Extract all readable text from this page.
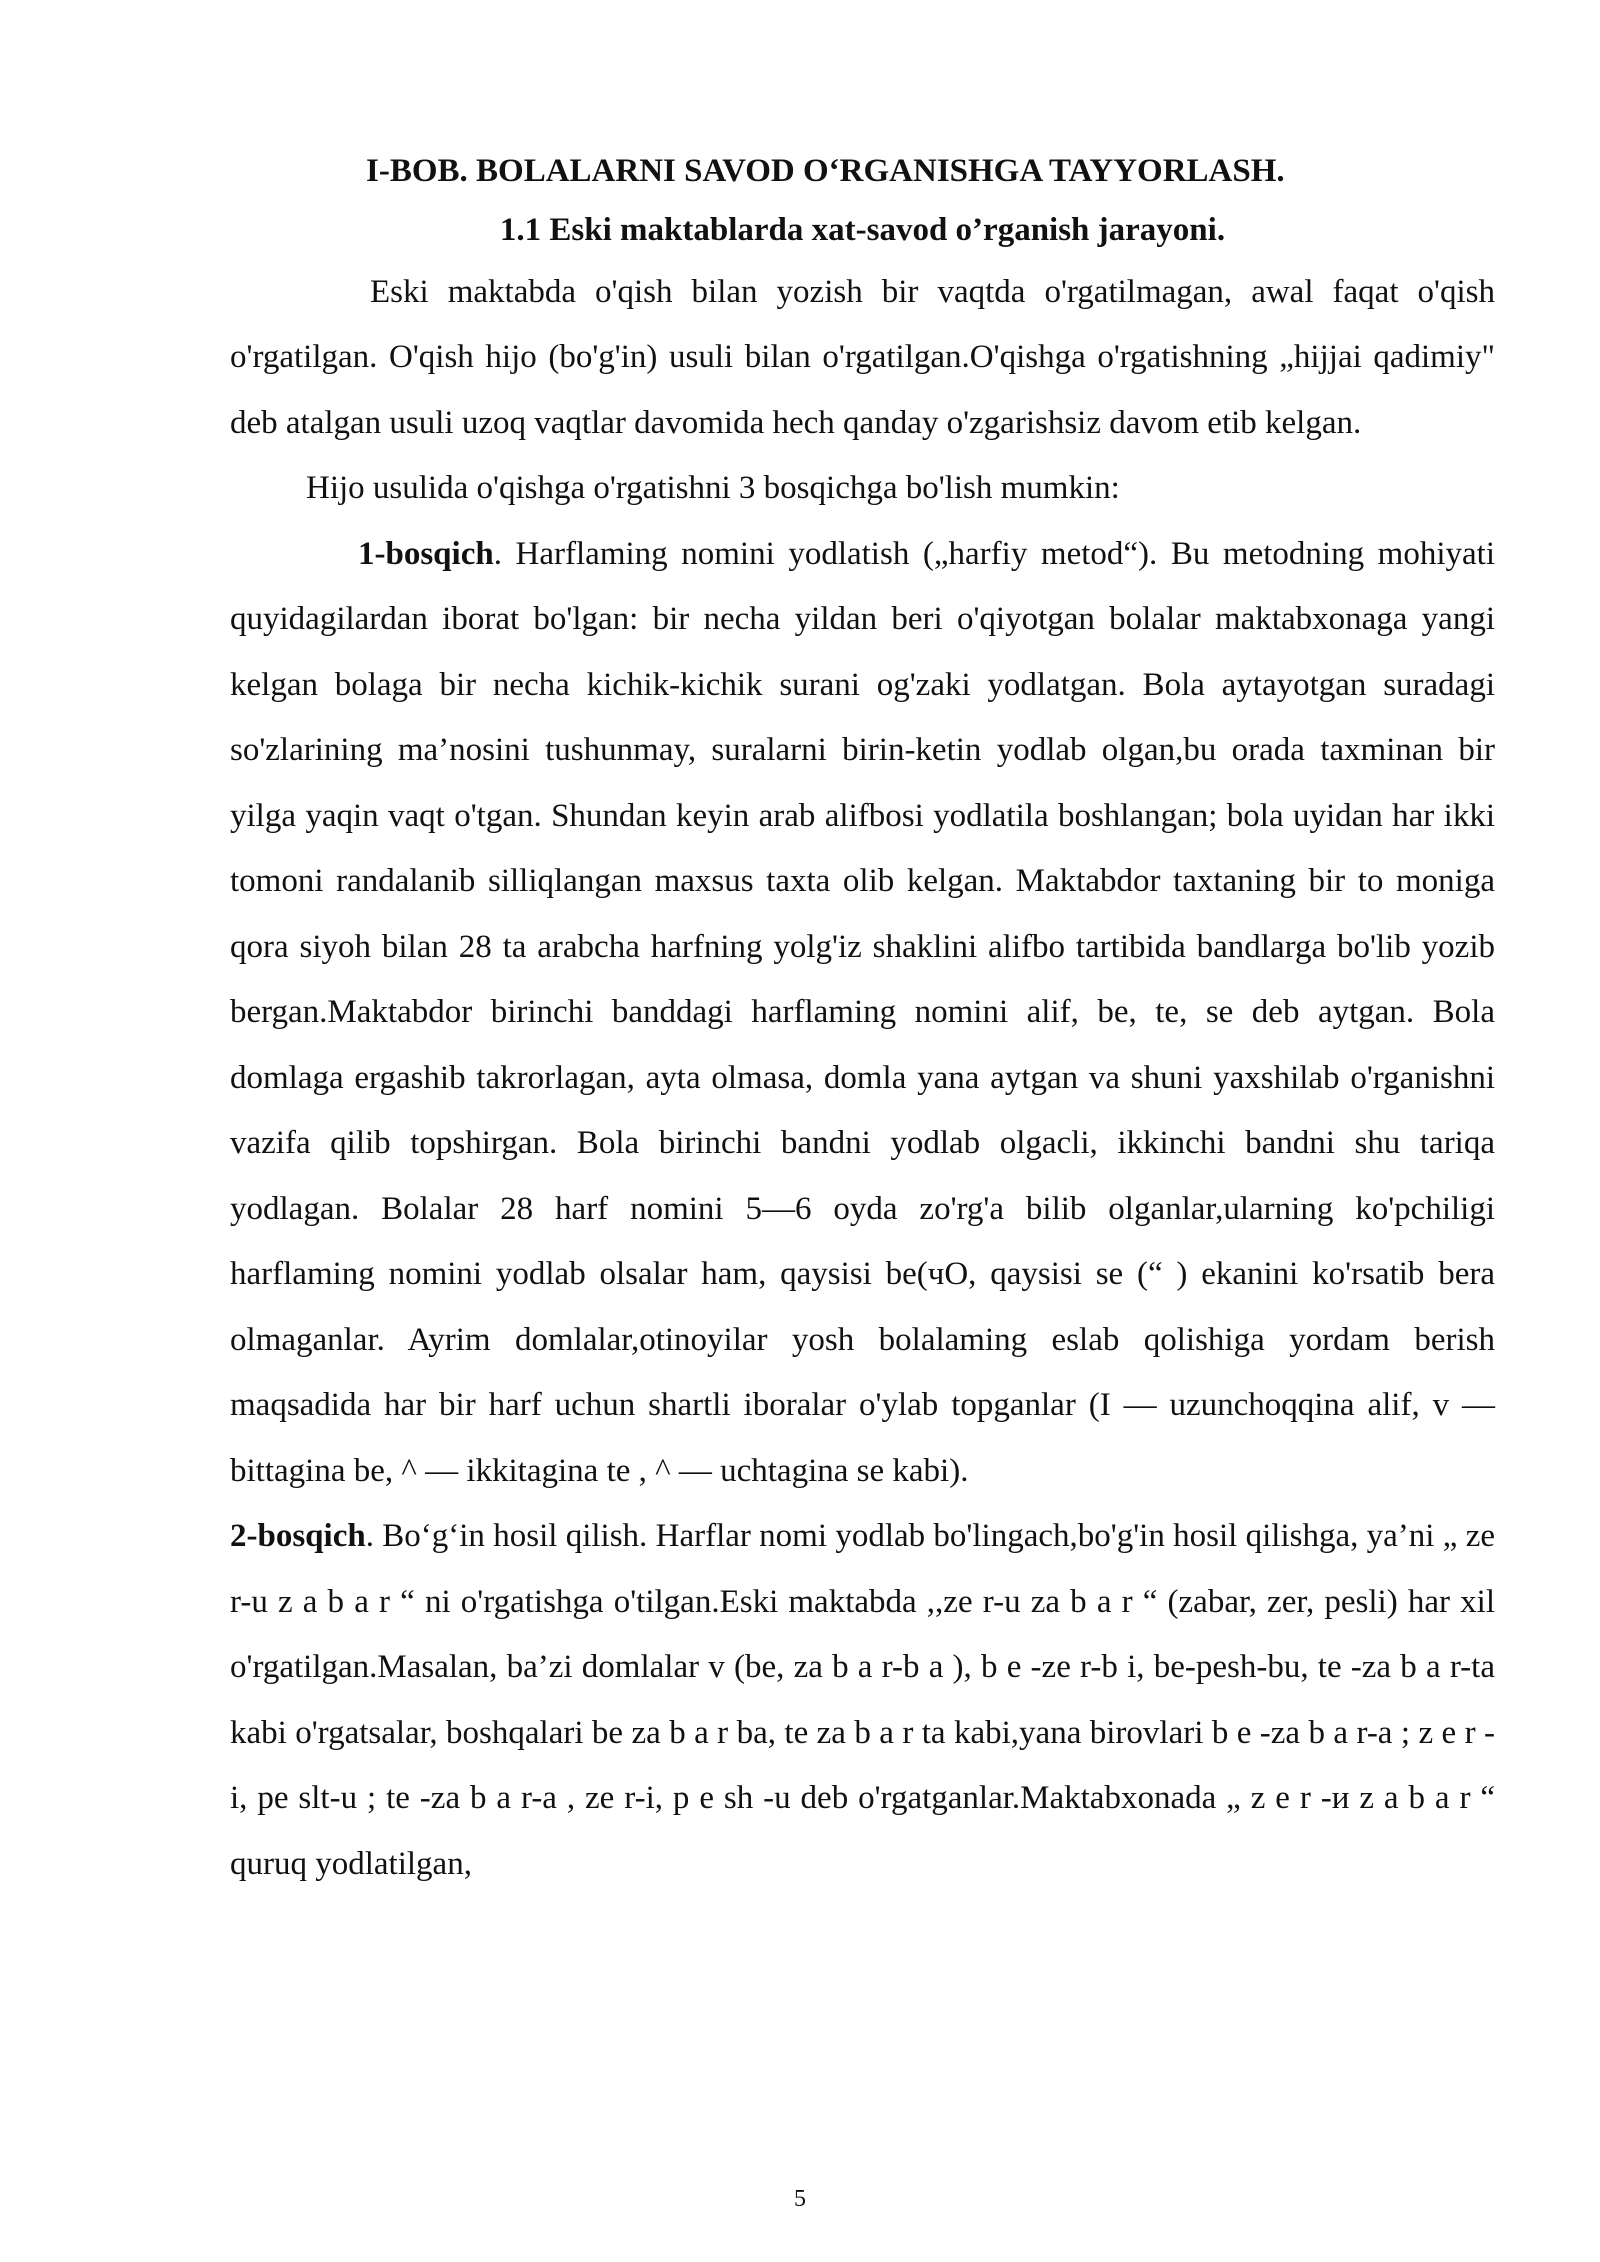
I-BOB. BOLALARNI SAVOD O‘RGANISHGA TAYYORLASH.
1.1 Eski maktablarda xat-savod o’rganish jarayoni.

Eski maktabda o'qish bilan yozish bir vaqtda o'rgatilmagan, awal faqat o'qish o'rgatilgan. O'qish hijo (bo'g'in) usuli bilan o'rgatilgan.O'qishga o'rgatishning „hijjai qadimiy" deb atalgan usuli uzoq vaqtlar davomida hech qanday o'zgarishsiz davom etib kelgan.

Hijo usulida o'qishga o'rgatishni 3 bosqichga bo'lish mumkin:

1-bosqich. Harflaming nomini yodlatish („harfiy metod“). Bu metodning mohiyati quyidagilardan iborat bo'lgan: bir necha yildan beri o'qiyotgan bolalar maktabxonaga yangi kelgan bolaga bir necha kichik-kichik surani og'zaki yodlatgan. Bola aytayotgan suradagi so'zlarining ma’nosini tushunmay, suralarni birin-ketin yodlab olgan,bu orada taxminan bir yilga yaqin vaqt o'tgan. Shundan keyin arab alifbosi yodlatila boshlangan; bola uyidan har ikki tomoni randalanib silliqlangan maxsus taxta olib kelgan. Maktabdor taxtaning bir to moniga qora siyoh bilan 28 ta arabcha harfning yolg'iz shaklini alifbo tartibida bandlarga bo'lib yozib bergan.Maktabdor birinchi banddagi harflaming nomini alif, be, te, se deb aytgan. Bola domlaga ergashib takrorlagan, ayta olmasa, domla yana aytgan va shuni yaxshilab o'rganishni vazifa qilib topshirgan. Bola birinchi bandni yodlab olgacli, ikkinchi bandni shu tariqa yodlagan. Bolalar 28 harf nomini 5—6 oyda zo'rg'a bilib olganlar,ularning ko'pchiligi harflaming nomini yodlab olsalar ham, qaysisi be(чО, qaysisi se (“ ) ekanini ko'rsatib bera olmaganlar. Ayrim domlalar,otinoyilar yosh bolalaming eslab qolishiga yordam berish maqsadida har bir harf uchun shartli iboralar o'ylab topganlar (I — uzunchoqqina alif, v — bittagina be, ^ — ikkitagina te , ^ — uchtagina se kabi).

2-bosqich. Bo‘g‘in hosil qilish. Harflar nomi yodlab bo'lingach,bo'g'in hosil qilishga, ya’ni „ ze r-u z a b a r “ ni o'rgatishga o'tilgan.Eski maktabda ,,ze r-u za b a r “ (zabar, zer, pesli) har xil o'rgatilgan.Masalan, ba’zi domlalar v (be, za b a r-b a ), b e -ze r-b i, be-pesh-bu, te -za b a r-ta kabi o'rgatsalar, boshqalari be za b a r ba, te za b a r ta kabi,yana birovlari b e -za b a r-a ; z e r -i, pe slt-u ; te -za b a r-a , ze r-i, p e sh -u deb o'rgatganlar.Maktabxonada „ z e r -и z a b a r “ quruq yodlatilgan,

5
